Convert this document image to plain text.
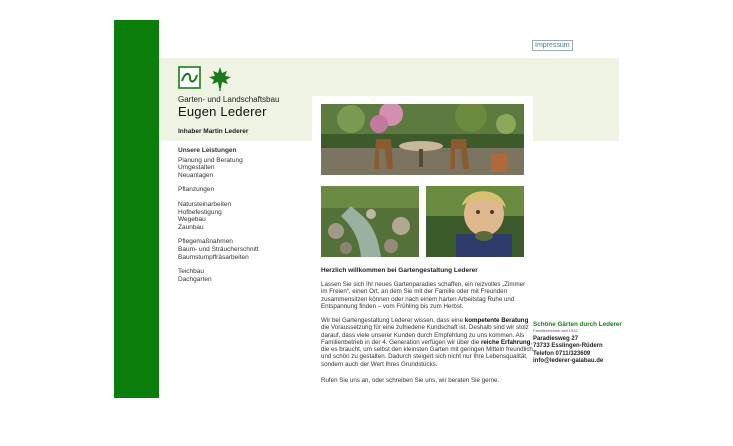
Impressum
Garten- und Landschaftsbau
Eugen Lederer
Inhaber Martin Lederer
Unsere Leistungen
Planung und Beratung
Umgestalten
Neuanlagen
Pflanzungen
Natursteinarbeiten
Hofbefestigung
Wegebau
Zaunbau
Pflegemaßnahmen
Baum- und Sträucherschnitt
Baumstumpffräsarbeiten
Teichbau
Dachgarten
Herzlich willkommen bei Gartengestaltung Lederer
Lassen Sie sich Ihr neues Gartenparadies schaffen, ein reizvolles „Zimmer im Freien“, einen Ort, an dem Sie mit der Familie oder mit Freunden zusammensitzen können oder nach einem harten Arbeitstag Ruhe und Entspannung finden – vom Frühling bis zum Herbst.
Wir bei Gartengestaltung Lederer wissen, dass eine kompetente Beratung die Voraussetzung für eine zufriedene Kundschaft ist. Deshalb sind wir stolz darauf, dass viele unserer Kunden durch Empfehlung zu uns kommen. Als Familienbetrieb in der 4. Generation verfügen wir über die reiche Erfahrung, die es braucht, um selbst den kleinsten Garten mit geringen Mitteln freundlich und schön zu gestalten. Dadurch steigert sich nicht nur Ihre Lebensqualität, sondern auch der Wert Ihres Grundstücks.
Rufen Sie uns an, oder schreiben Sie uns, wir beraten Sie gerne.
Schöne Gärten durch Lederer
Familienbetrieb seit 1932
Paradiesweg 27
73733 Esslingen-Rüdern
Telefon 0711/323609
info@lederer-galabau.de
